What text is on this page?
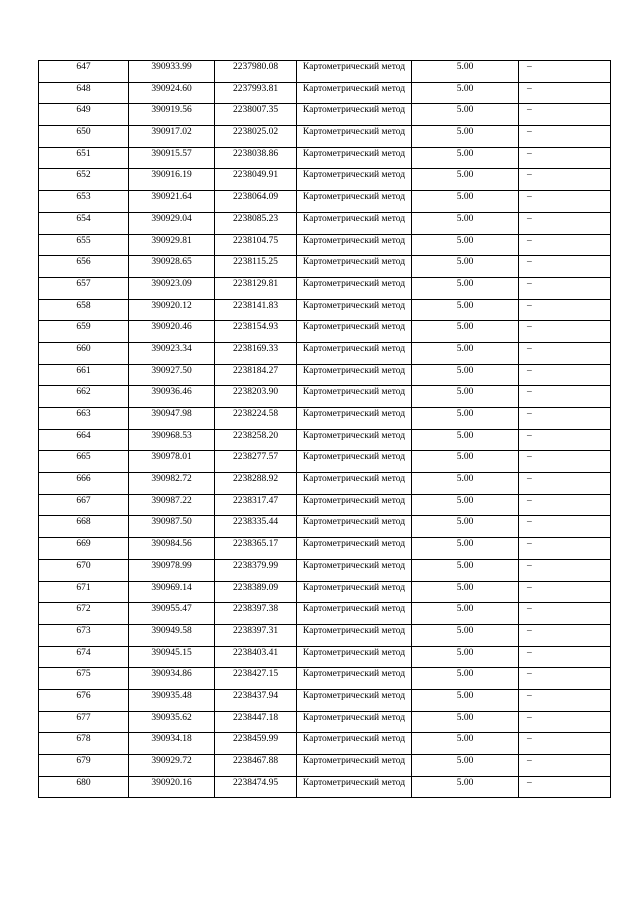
647	390933.99	2237980.08	Картометрический метод	5.00	–
648	390924.60	2237993.81	Картометрический метод	5.00	–
649	390919.56	2238007.35	Картометрический метод	5.00	–
650	390917.02	2238025.02	Картометрический метод	5.00	–
651	390915.57	2238038.86	Картометрический метод	5.00	–
652	390916.19	2238049.91	Картометрический метод	5.00	–
653	390921.64	2238064.09	Картометрический метод	5.00	–
654	390929.04	2238085.23	Картометрический метод	5.00	–
655	390929.81	2238104.75	Картометрический метод	5.00	–
656	390928.65	2238115.25	Картометрический метод	5.00	–
657	390923.09	2238129.81	Картометрический метод	5.00	–
658	390920.12	2238141.83	Картометрический метод	5.00	–
659	390920.46	2238154.93	Картометрический метод	5.00	–
660	390923.34	2238169.33	Картометрический метод	5.00	–
661	390927.50	2238184.27	Картометрический метод	5.00	–
662	390936.46	2238203.90	Картометрический метод	5.00	–
663	390947.98	2238224.58	Картометрический метод	5.00	–
664	390968.53	2238258.20	Картометрический метод	5.00	–
665	390978.01	2238277.57	Картометрический метод	5.00	–
666	390982.72	2238288.92	Картометрический метод	5.00	–
667	390987.22	2238317.47	Картометрический метод	5.00	–
668	390987.50	2238335.44	Картометрический метод	5.00	–
669	390984.56	2238365.17	Картометрический метод	5.00	–
670	390978.99	2238379.99	Картометрический метод	5.00	–
671	390969.14	2238389.09	Картометрический метод	5.00	–
672	390955.47	2238397.38	Картометрический метод	5.00	–
673	390949.58	2238397.31	Картометрический метод	5.00	–
674	390945.15	2238403.41	Картометрический метод	5.00	–
675	390934.86	2238427.15	Картометрический метод	5.00	–
676	390935.48	2238437.94	Картометрический метод	5.00	–
677	390935.62	2238447.18	Картометрический метод	5.00	–
678	390934.18	2238459.99	Картометрический метод	5.00	–
679	390929.72	2238467.88	Картометрический метод	5.00	–
680	390920.16	2238474.95	Картометрический метод	5.00	–
